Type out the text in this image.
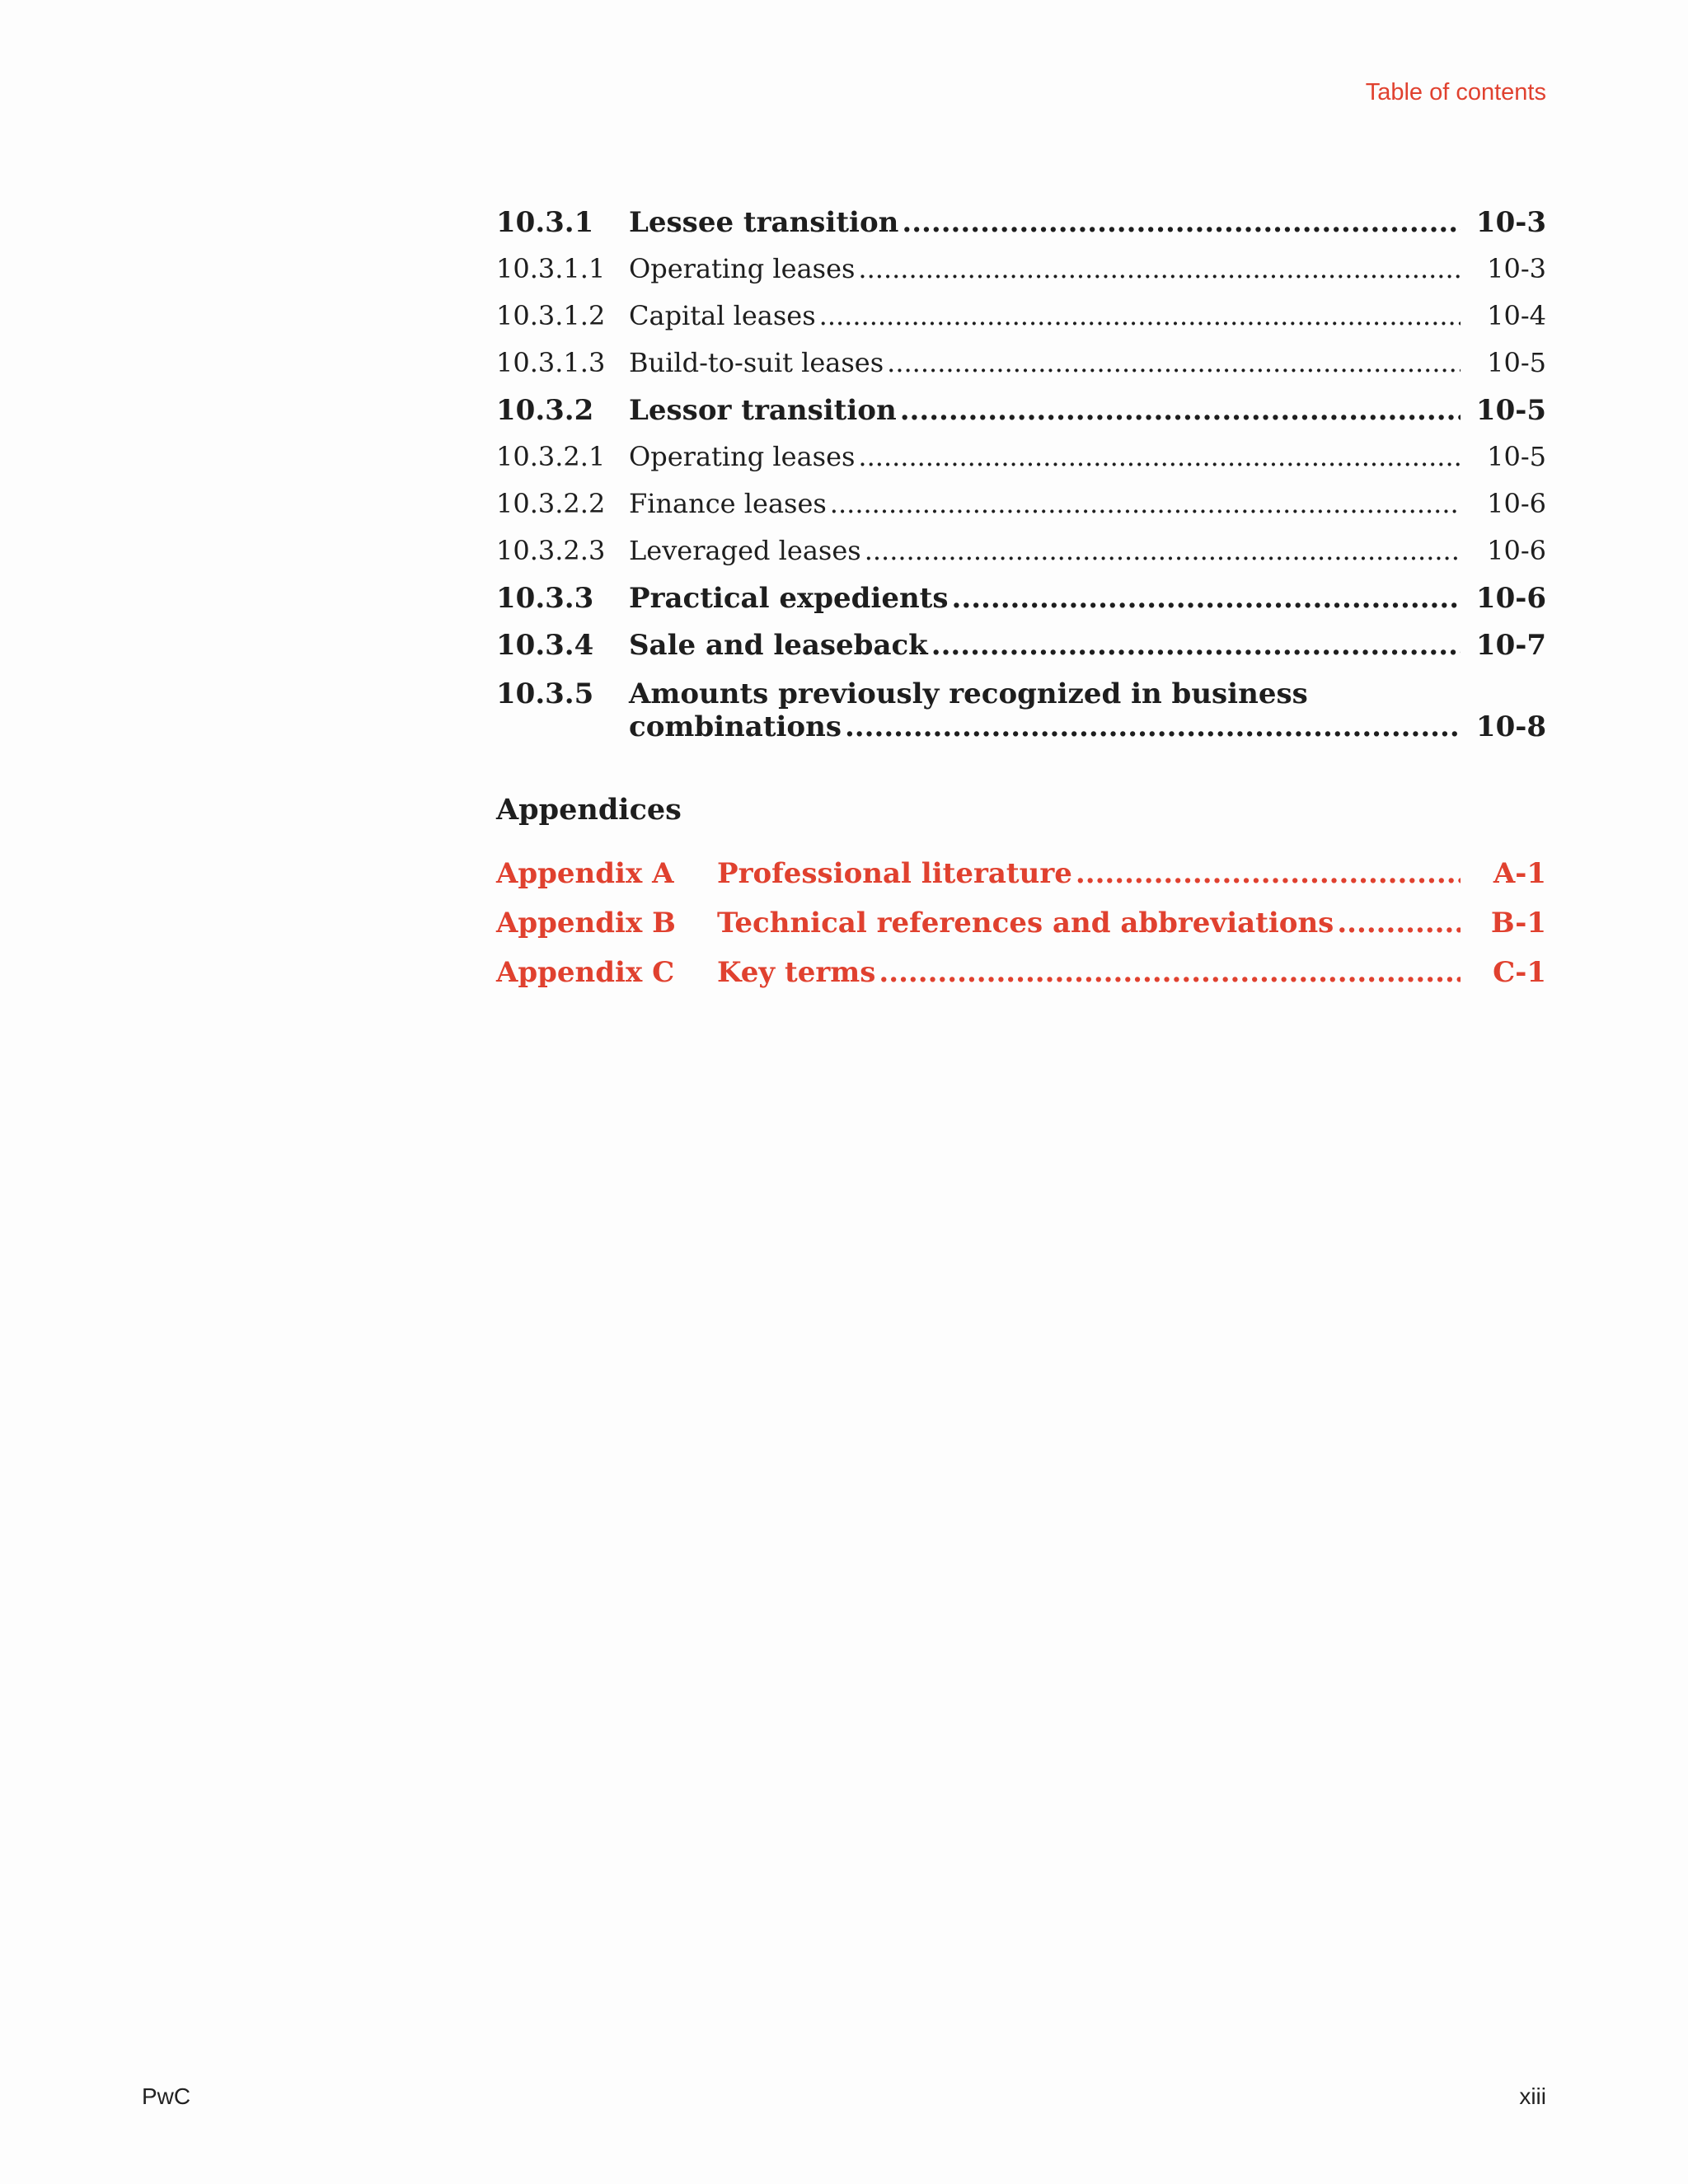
Table of contents
10.3.1	Lessee transition .....	10-3
10.3.1.1 Operating leases .....	10-3
10.3.1.2 Capital leases .....	10-4
10.3.1.3 Build-to-suit leases .....	10-5
10.3.2	Lessor transition .....	10-5
10.3.2.1 Operating leases .....	10-5
10.3.2.2 Finance leases .....	10-6
10.3.2.3 Leveraged leases .....	10-6
10.3.3	Practical expedients .....	10-6
10.3.4	Sale and leaseback .....	10-7
10.3.5	Amounts previously recognized in business
combinations .....	10-8
Appendices
Appendix A	Professional literature .....	A-1
Appendix B	Technical references and abbreviations .....	B-1
Appendix C	Key terms .....	C-1
PwC	xiii
